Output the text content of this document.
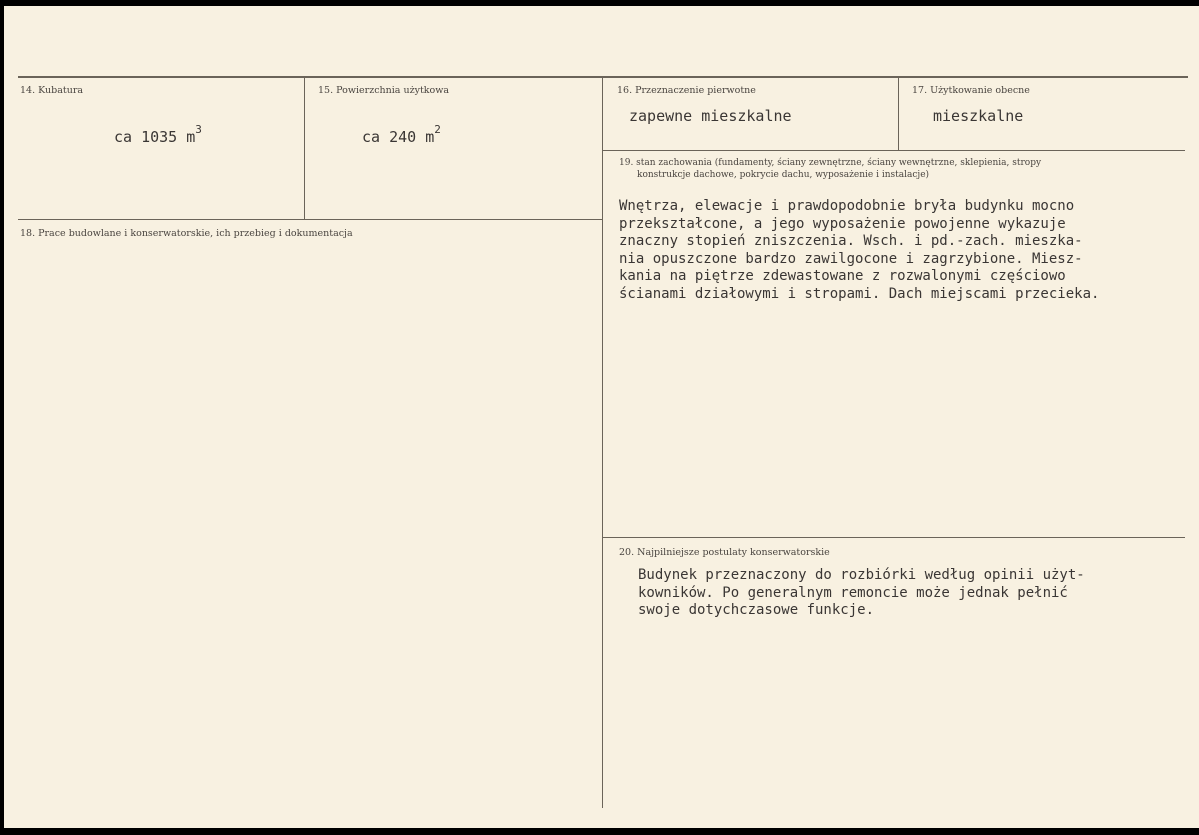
14. Kubatura
ca 1035 $m^3$
15. Powierzchnia użytkowa
ca 240 $m^2$
16. Przeznaczenie pierwotne
zapewne mieszkalne
17. Użytkowanie obecne
mieszkalne
18. Prace budowlane i konserwatorskie, ich przebieg i dokumentacja
19. stan zachowania (fundamenty, ściany zewnętrzne, ściany wewnętrzne, sklepienia, stropy
konstrukcje dachowe, pokrycie dachu, wyposażenie i instalacje)
Wnętrza, elewacje i prawdopodobnie bryła budynku mocno
przekształcone, a jego wyposażenie powojenne wykazuje
znaczny stopień zniszczenia. Wsch. i pd.-zach. mieszka-
nia opuszczone bardzo zawilgocone i zagrzybione. Miesz-
kania na piętrze zdewastowane z rozwalonymi częściowo
ścianami działowymi i stropami. Dach miejscami przecieka.
20. Najpilniejsze postulaty konserwatorskie
Budynek przeznaczony do rozbiórki według opinii użyt-
kowników. Po generalnym remoncie może jednak pełnić
swoje dotychczasowe funkcje.
